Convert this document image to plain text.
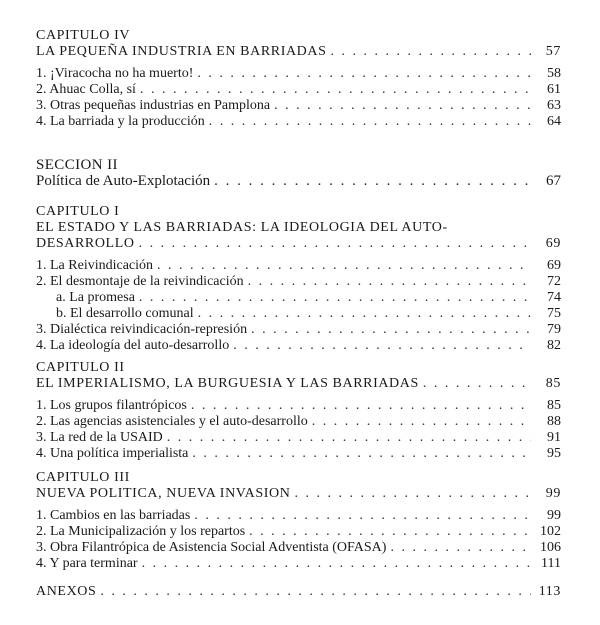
CAPITULO IV
LA PEQUEÑA INDUSTRIA EN BARRIADAS . . .	57
1. ¡Viracocha no ha muerto! . . .	58
2. Ahuac Colla, sí . . .	61
3. Otras pequeñas industrias en Pamplona . . .	63
4. La barriada y la producción . . .	64
SECCION II
Política de Auto-Explotación . . .	67
CAPITULO I
EL ESTADO Y LAS BARRIADAS: LA IDEOLOGIA DEL AUTO-
DESARROLLO . . .	69
1. La Reivindicación . . .	69
2. El desmontaje de la reivindicación . . .	72
a. La promesa . . .	74
b. El desarrollo comunal . . .	75
3. Dialéctica reivindicación-represión . . .	79
4. La ideología del auto-desarrollo . . .	82
CAPITULO II
EL IMPERIALISMO, LA BURGUESIA Y LAS BARRIADAS . . .	85
1. Los grupos filantrópicos . . .	85
2. Las agencias asistenciales y el auto-desarrollo . . .	88
3. La red de la USAID . . .	91
4. Una política imperialista . . .	95
CAPITULO III
NUEVA POLITICA, NUEVA INVASION . . .	99
1. Cambios en las barriadas . . .	99
2. La Municipalización y los repartos . . .	102
3. Obra Filantrópica de Asistencia Social Adventista (OFASA) . . .	106
4. Y para terminar . . .	111
ANEXOS . . .	113
